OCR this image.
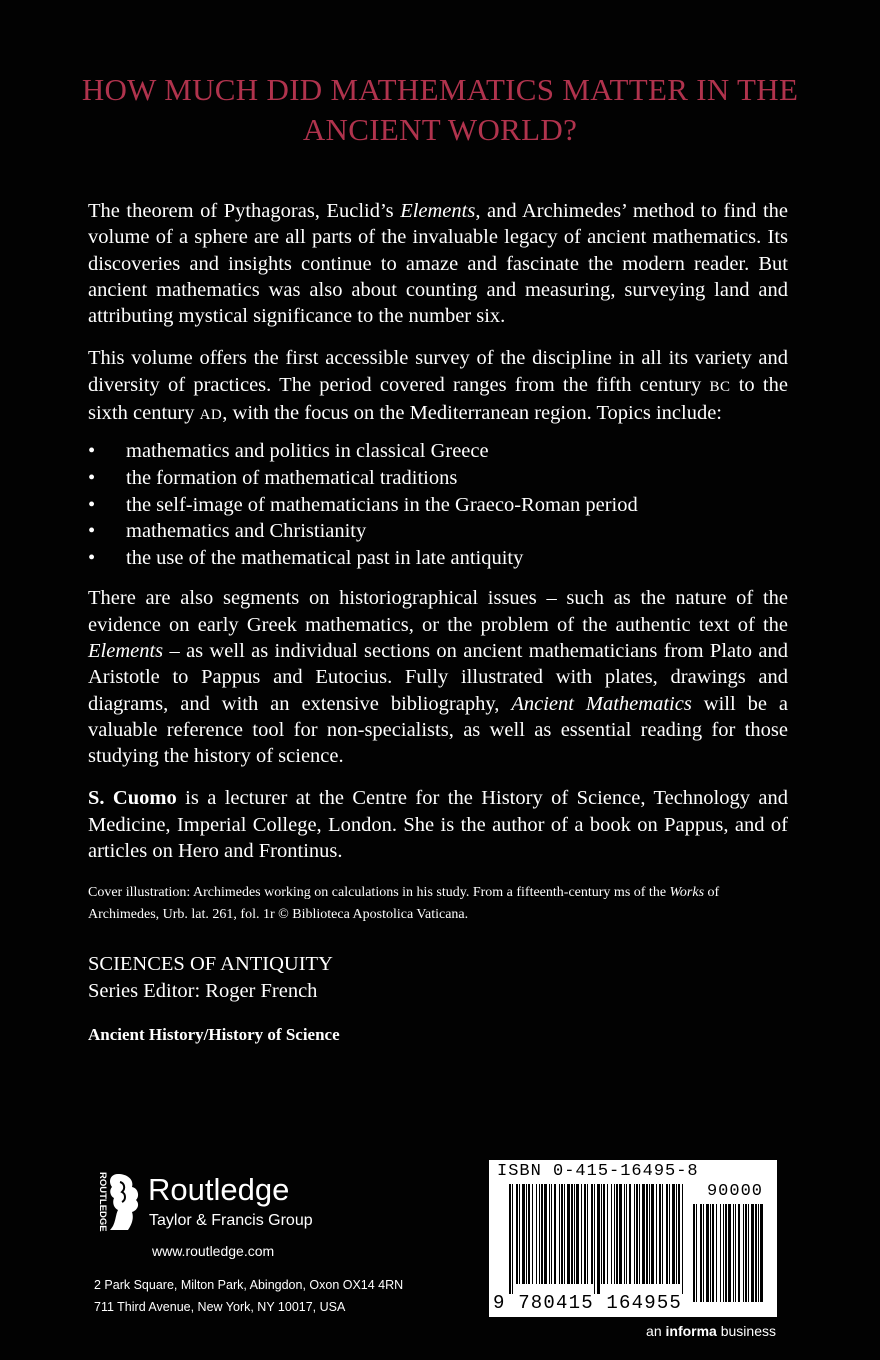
HOW MUCH DID MATHEMATICS MATTER IN THE ANCIENT WORLD?

The theorem of Pythagoras, Euclid’s Elements, and Archimedes’ method to find the volume of a sphere are all parts of the invaluable legacy of ancient mathematics. Its discoveries and insights continue to amaze and fascinate the modern reader. But ancient mathematics was also about counting and measuring, surveying land and attributing mystical significance to the number six.

This volume offers the first accessible survey of the discipline in all its variety and diversity of practices. The period covered ranges from the fifth century BC to the sixth century AD, with the focus on the Mediterranean region. Topics include:

• mathematics and politics in classical Greece
• the formation of mathematical traditions
• the self-image of mathematicians in the Graeco-Roman period
• mathematics and Christianity
• the use of the mathematical past in late antiquity

There are also segments on historiographical issues – such as the nature of the evidence on early Greek mathematics, or the problem of the authentic text of the Elements – as well as individual sections on ancient mathematicians from Plato and Aristotle to Pappus and Eutocius. Fully illustrated with plates, drawings and diagrams, and with an extensive bibliography, Ancient Mathematics will be a valuable reference tool for non-specialists, as well as essential reading for those studying the history of science.

S. Cuomo is a lecturer at the Centre for the History of Science, Technology and Medicine, Imperial College, London. She is the author of a book on Pappus, and of articles on Hero and Frontinus.

Cover illustration: Archimedes working on calculations in his study. From a fifteenth-century ms of the Works of Archimedes, Urb. lat. 261, fol. 1r © Biblioteca Apostolica Vaticana.

SCIENCES OF ANTIQUITY

Series Editor: Roger French

Ancient History/History of Science

ROUTLEDGE Routledge
Taylor & Francis Group
www.routledge.com
2 Park Square, Milton Park, Abingdon, Oxon OX14 4RN
711 Third Avenue, New York, NY 10017, USA
ISBN 0-415-16495-8
90000
9 780415 164955
an informa business
